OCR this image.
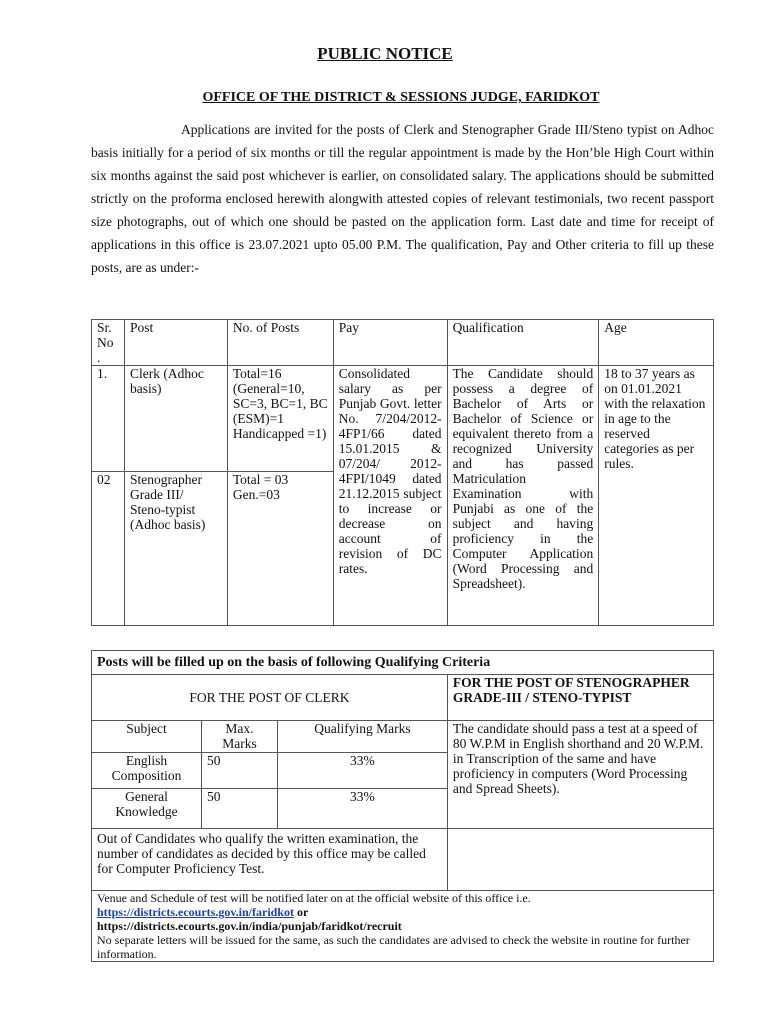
PUBLIC NOTICE
OFFICE OF THE DISTRICT & SESSIONS JUDGE, FARIDKOT

Applications are invited for the posts of Clerk and Stenographer Grade III/Steno typist on Adhoc basis initially for a period of six months or till the regular appointment is made by the Hon’ble High Court within six months against the said post whichever is earlier, on consolidated salary. The applications should be submitted strictly on the proforma enclosed herewith alongwith attested copies of relevant testimonials, two recent passport size photographs, out of which one should be pasted on the application form. Last date and time for receipt of applications in this office is 23.07.2021 upto 05.00 P.M. The qualification, Pay and Other criteria to fill up these posts, are as under:-

Sr. No .	Post	No. of Posts	Pay	Qualification	Age
1.	Clerk (Adhoc basis)	Total=16 (General=10, SC=3, BC=1, BC (ESM)=1 Handicapped =1)	Consolidated salary as per Punjab Govt. letter No. 7/204/2012-4FP1/66 dated 15.01.2015 & 07/204/ 2012-4FPI/1049 dated 21.12.2015 subject to increase or decrease on account of revision of DC rates.	The Candidate should possess a degree of Bachelor of Arts or Bachelor of Science or equivalent thereto from a recognized University and has passed Matriculation Examination with Punjabi as one of the subject and having proficiency in the Computer Application (Word Processing and Spreadsheet).	18 to 37 years as on 01.01.2021 with the relaxation in age to the reserved categories as per rules.
02	Stenographer Grade III/ Steno-typist (Adhoc basis)	Total = 03 Gen.=03			
Posts will be filled up on the basis of following Qualifying Criteria			
FOR THE POST OF CLERK			FOR THE POST OF STENOGRAPHER GRADE-III / STENO-TYPIST
Subject	Max. Marks	Qualifying Marks	The candidate should pass a test at a speed of 80 W.P.M in English shorthand and 20 W.P.M. in Transcription of the same and have proficiency in computers (Word Processing and Spread Sheets).
English Composition	50	33%	
General Knowledge	50	33%	

Out of Candidates who qualify the written examination, the number of candidates as decided by this office may be called for Computer Proficiency Test.			

Venue and Schedule of test will be notified later on at the official website of this office i.e.
https://districts.ecourts.gov.in/faridkot or
https://districts.ecourts.gov.in/india/punjab/faridkot/recruit
No separate letters will be issued for the same, as such the candidates are advised to check the website in routine for further information.			
